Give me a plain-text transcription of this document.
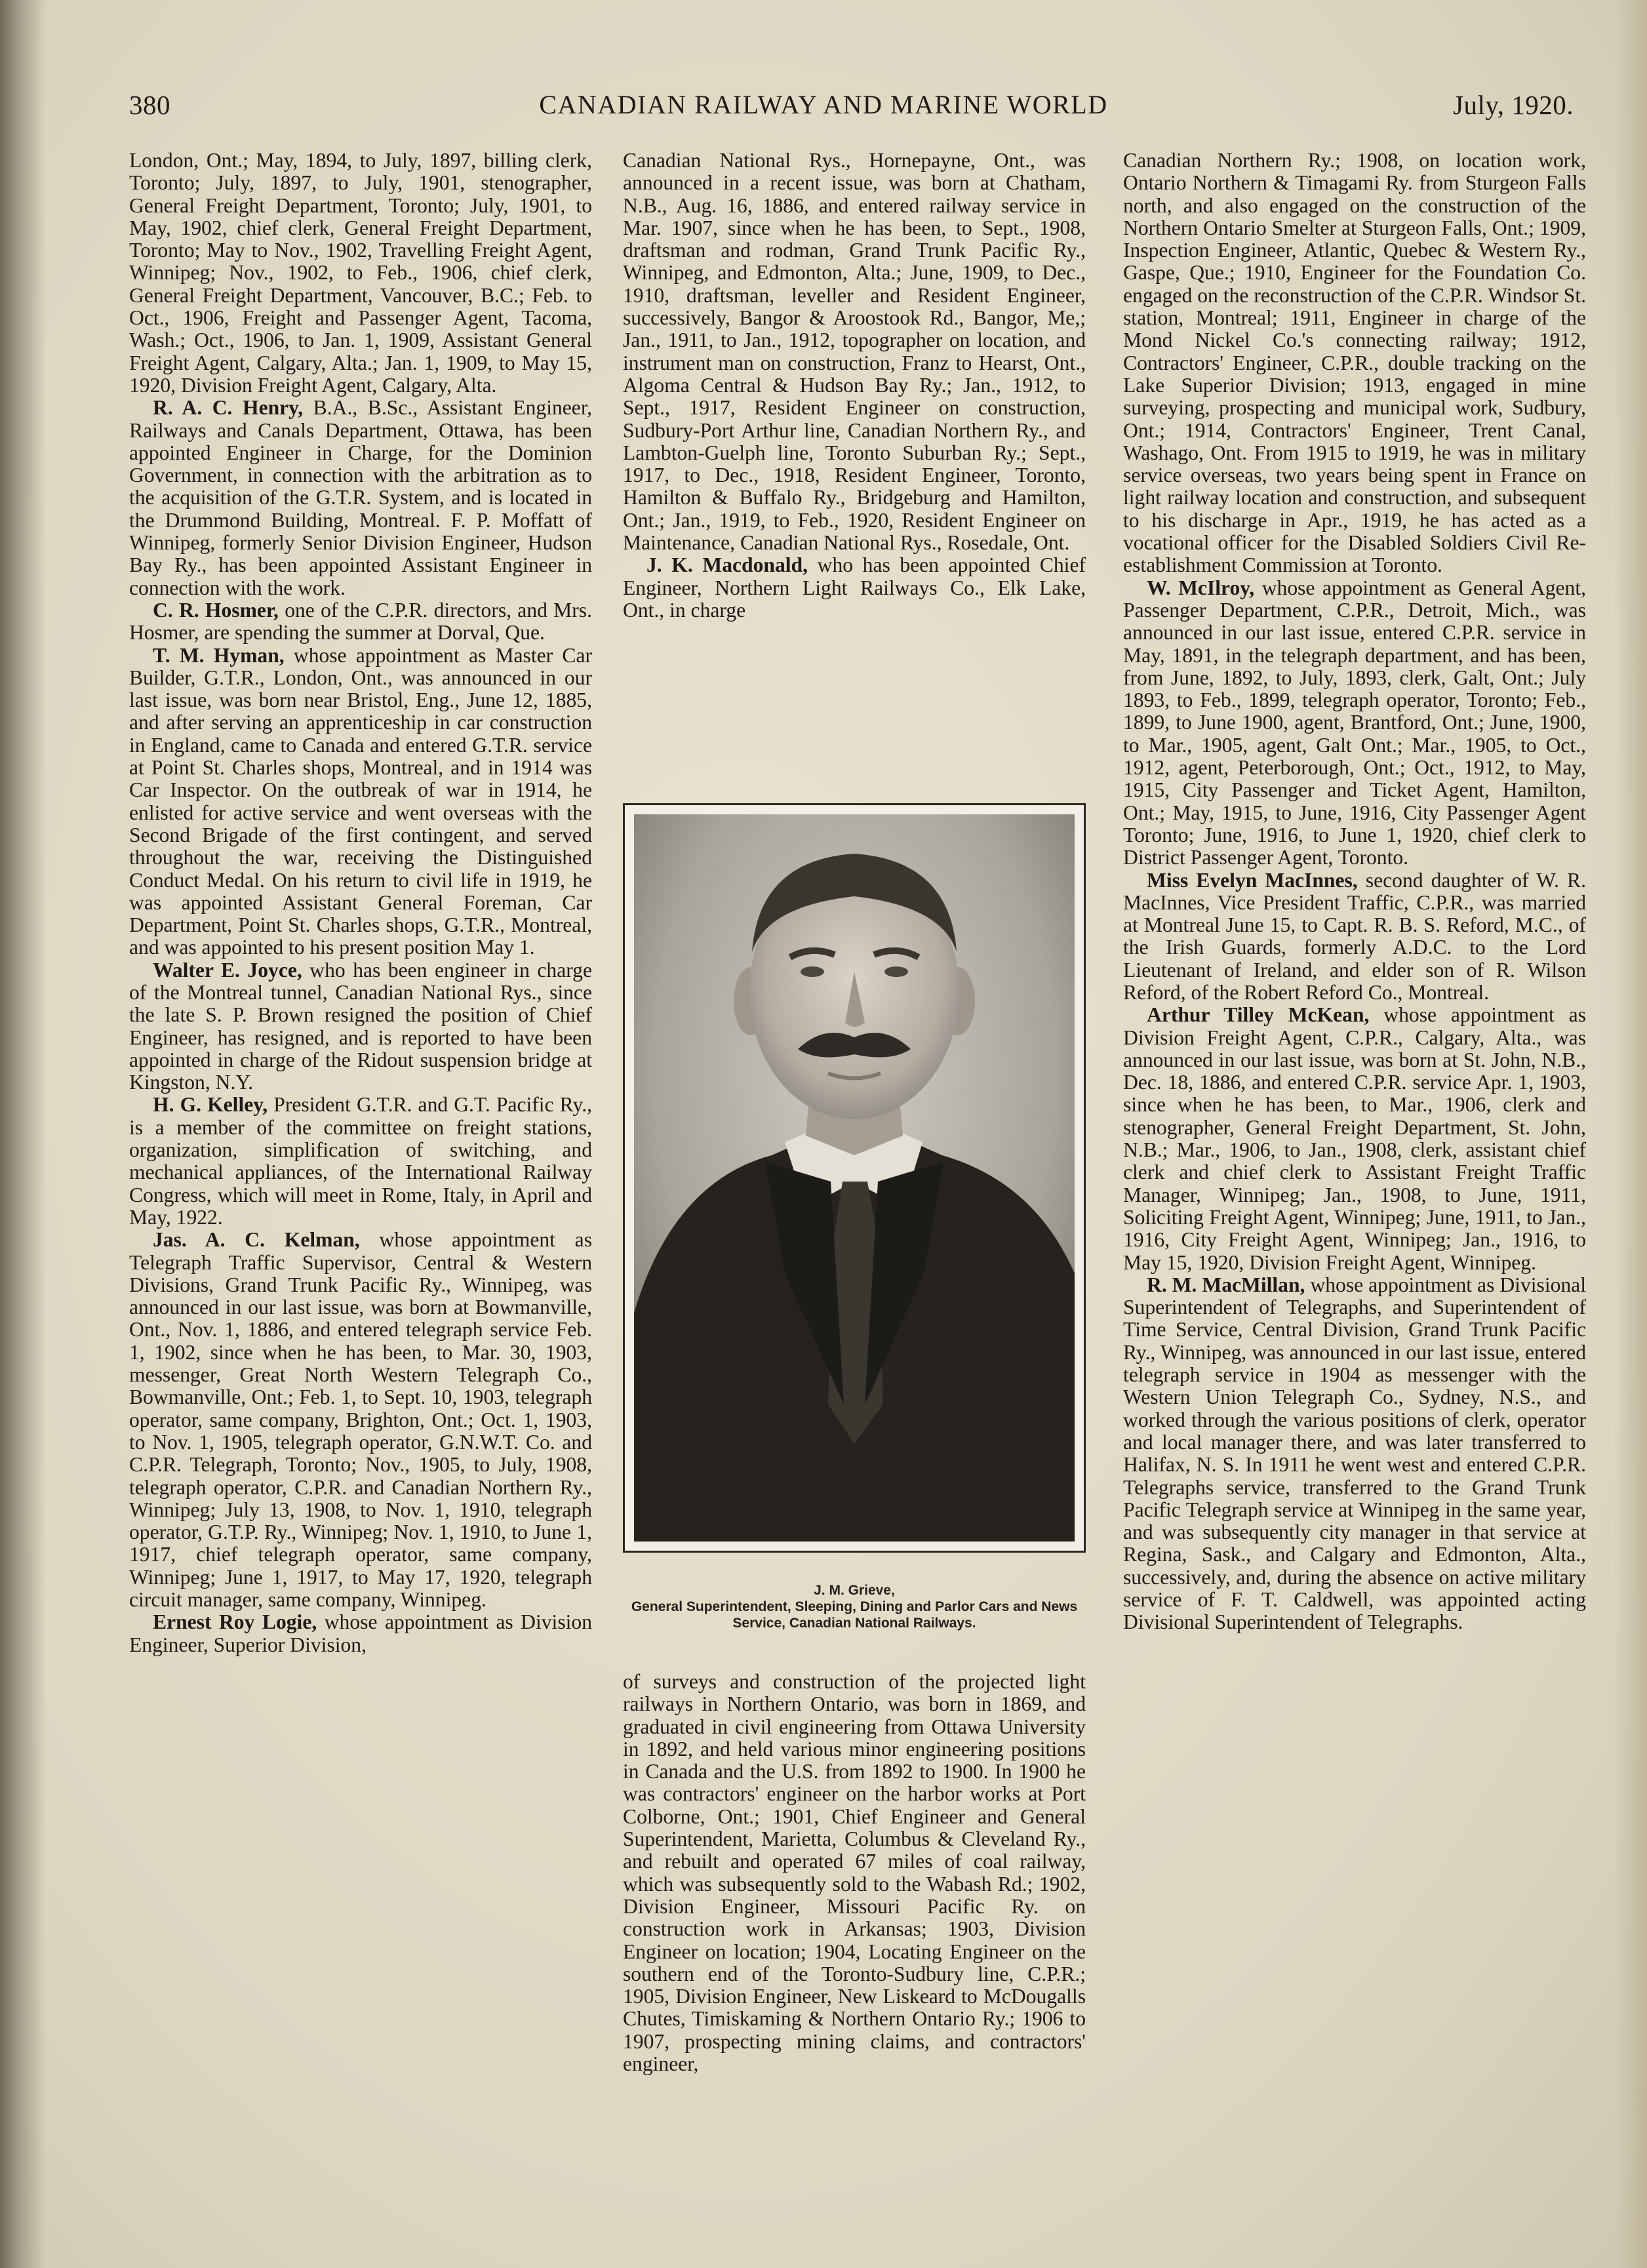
380	CANADIAN RAILWAY AND MARINE WORLD	July, 1920.

London, Ont.; May, 1894, to July, 1897, billing clerk, Toronto; July, 1897, to July, 1901, stenographer, General Freight Department, Toronto; July, 1901, to May, 1902, chief clerk, General Freight Department, Toronto; May to Nov., 1902, Travelling Freight Agent, Winnipeg; Nov., 1902, to Feb., 1906, chief clerk, General Freight Department, Vancouver, B.C.; Feb. to Oct., 1906, Freight and Passenger Agent, Tacoma, Wash.; Oct., 1906, to Jan. 1, 1909, Assistant General Freight Agent, Calgary, Alta.; Jan. 1, 1909, to May 15, 1920, Division Freight Agent, Calgary, Alta.

R. A. C. Henry, B.A., B.Sc., Assistant Engineer, Railways and Canals Department, Ottawa, has been appointed Engineer in Charge, for the Dominion Government, in connection with the arbitration as to the acquisition of the G.T.R. System, and is located in the Drummond Building, Montreal. F. P. Moffatt of Winnipeg, formerly Senior Division Engineer, Hudson Bay Ry., has been appointed Assistant Engineer in connection with the work.

C. R. Hosmer, one of the C.P.R. directors, and Mrs. Hosmer, are spending the summer at Dorval, Que.

T. M. Hyman, whose appointment as Master Car Builder, G.T.R., London, Ont., was announced in our last issue, was born near Bristol, Eng., June 12, 1885, and after serving an apprenticeship in car construction in England, came to Canada and entered G.T.R. service at Point St. Charles shops, Montreal, and in 1914 was Car Inspector. On the outbreak of war in 1914, he enlisted for active service and went overseas with the Second Brigade of the first contingent, and served throughout the war, receiving the Distinguished Conduct Medal. On his return to civil life in 1919, he was appointed Assistant General Foreman, Car Department, Point St. Charles shops, G.T.R., Montreal, and was appointed to his present position May 1.

Walter E. Joyce, who has been engineer in charge of the Montreal tunnel, Canadian National Rys., since the late S. P. Brown resigned the position of Chief Engineer, has resigned, and is reported to have been appointed in charge of the Ridout suspension bridge at Kingston, N.Y.

H. G. Kelley, President G.T.R. and G.T. Pacific Ry., is a member of the committee on freight stations, organization, simplification of switching, and mechanical appliances, of the International Railway Congress, which will meet in Rome, Italy, in April and May, 1922.

Jas. A. C. Kelman, whose appointment as Telegraph Traffic Supervisor, Central & Western Divisions, Grand Trunk Pacific Ry., Winnipeg, was announced in our last issue, was born at Bowmanville, Ont., Nov. 1, 1886, and entered telegraph service Feb. 1, 1902, since when he has been, to Mar. 30, 1903, messenger, Great North Western Telegraph Co., Bowmanville, Ont.; Feb. 1, to Sept. 10, 1903, telegraph operator, same company, Brighton, Ont.; Oct. 1, 1903, to Nov. 1, 1905, telegraph operator, G.N.W.T. Co. and C.P.R. Telegraph, Toronto; Nov., 1905, to July, 1908, telegraph operator, C.P.R. and Canadian Northern Ry., Winnipeg; July 13, 1908, to Nov. 1, 1910, telegraph operator, G.T.P. Ry., Winnipeg; Nov. 1, 1910, to June 1, 1917, chief telegraph operator, same company, Winnipeg; June 1, 1917, to May 17, 1920, telegraph circuit manager, same company, Winnipeg.

Ernest Roy Logie, whose appointment as Division Engineer, Superior Division,

Canadian National Rys., Hornepayne, Ont., was announced in a recent issue, was born at Chatham, N.B., Aug. 16, 1886, and entered railway service in Mar. 1907, since when he has been, to Sept., 1908, draftsman and rodman, Grand Trunk Pacific Ry., Winnipeg, and Edmonton, Alta.; June, 1909, to Dec., 1910, draftsman, leveller and Resident Engineer, successively, Bangor & Aroostook Rd., Bangor, Me,; Jan., 1911, to Jan., 1912, topographer on location, and instrument man on construction, Franz to Hearst, Ont., Algoma Central & Hudson Bay Ry.; Jan., 1912, to Sept., 1917, Resident Engineer on construction, Sudbury-Port Arthur line, Canadian Northern Ry., and Lambton-Guelph line, Toronto Suburban Ry.; Sept., 1917, to Dec., 1918, Resident Engineer, Toronto, Hamilton & Buffalo Ry., Bridgeburg and Hamilton, Ont.; Jan., 1919, to Feb., 1920, Resident Engineer on Maintenance, Canadian National Rys., Rosedale, Ont.

J. K. Macdonald, who has been appointed Chief Engineer, Northern Light Railways Co., Elk Lake, Ont., in charge

J. M. Grieve,
General Superintendent, Sleeping, Dining and Parlor Cars and News Service, Canadian National Railways.

of surveys and construction of the projected light railways in Northern Ontario, was born in 1869, and graduated in civil engineering from Ottawa University in 1892, and held various minor engineering positions in Canada and the U.S. from 1892 to 1900. In 1900 he was contractors' engineer on the harbor works at Port Colborne, Ont.; 1901, Chief Engineer and General Superintendent, Marietta, Columbus & Cleveland Ry., and rebuilt and operated 67 miles of coal railway, which was subsequently sold to the Wabash Rd.; 1902, Division Engineer, Missouri Pacific Ry. on construction work in Arkansas; 1903, Division Engineer on location; 1904, Locating Engineer on the southern end of the Toronto-Sudbury line, C.P.R.; 1905, Division Engineer, New Liskeard to McDougalls Chutes, Timiskaming & Northern Ontario Ry.; 1906 to 1907, prospecting mining claims, and contractors' engineer,

Canadian Northern Ry.; 1908, on location work, Ontario Northern & Timagami Ry. from Sturgeon Falls north, and also engaged on the construction of the Northern Ontario Smelter at Sturgeon Falls, Ont.; 1909, Inspection Engineer, Atlantic, Quebec & Western Ry., Gaspe, Que.; 1910, Engineer for the Foundation Co. engaged on the reconstruction of the C.P.R. Windsor St. station, Montreal; 1911, Engineer in charge of the Mond Nickel Co.'s connecting railway; 1912, Contractors' Engineer, C.P.R., double tracking on the Lake Superior Division; 1913, engaged in mine surveying, prospecting and municipal work, Sudbury, Ont.; 1914, Contractors' Engineer, Trent Canal, Washago, Ont. From 1915 to 1919, he was in military service overseas, two years being spent in France on light railway location and construction, and subsequent to his discharge in Apr., 1919, he has acted as a vocational officer for the Disabled Soldiers Civil Re-establishment Commission at Toronto.

W. McIlroy, whose appointment as General Agent, Passenger Department, C.P.R., Detroit, Mich., was announced in our last issue, entered C.P.R. service in May, 1891, in the telegraph department, and has been, from June, 1892, to July, 1893, clerk, Galt, Ont.; July 1893, to Feb., 1899, telegraph operator, Toronto; Feb., 1899, to June 1900, agent, Brantford, Ont.; June, 1900, to Mar., 1905, agent, Galt Ont.; Mar., 1905, to Oct., 1912, agent, Peterborough, Ont.; Oct., 1912, to May, 1915, City Passenger and Ticket Agent, Hamilton, Ont.; May, 1915, to June, 1916, City Passenger Agent Toronto; June, 1916, to June 1, 1920, chief clerk to District Passenger Agent, Toronto.

Miss Evelyn MacInnes, second daughter of W. R. MacInnes, Vice President Traffic, C.P.R., was married at Montreal June 15, to Capt. R. B. S. Reford, M.C., of the Irish Guards, formerly A.D.C. to the Lord Lieutenant of Ireland, and elder son of R. Wilson Reford, of the Robert Reford Co., Montreal.

Arthur Tilley McKean, whose appointment as Division Freight Agent, C.P.R., Calgary, Alta., was announced in our last issue, was born at St. John, N.B., Dec. 18, 1886, and entered C.P.R. service Apr. 1, 1903, since when he has been, to Mar., 1906, clerk and stenographer, General Freight Department, St. John, N.B.; Mar., 1906, to Jan., 1908, clerk, assistant chief clerk and chief clerk to Assistant Freight Traffic Manager, Winnipeg; Jan., 1908, to June, 1911, Soliciting Freight Agent, Winnipeg; June, 1911, to Jan., 1916, City Freight Agent, Winnipeg; Jan., 1916, to May 15, 1920, Division Freight Agent, Winnipeg.

R. M. MacMillan, whose appointment as Divisional Superintendent of Telegraphs, and Superintendent of Time Service, Central Division, Grand Trunk Pacific Ry., Winnipeg, was announced in our last issue, entered telegraph service in 1904 as messenger with the Western Union Telegraph Co., Sydney, N.S., and worked through the various positions of clerk, operator and local manager there, and was later transferred to Halifax, N. S. In 1911 he went west and entered C.P.R. Telegraphs service, transferred to the Grand Trunk Pacific Telegraph service at Winnipeg in the same year, and was subsequently city manager in that service at Regina, Sask., and Calgary and Edmonton, Alta., successively, and, during the absence on active military service of F. T. Caldwell, was appointed acting Divisional Superintendent of Telegraphs.
